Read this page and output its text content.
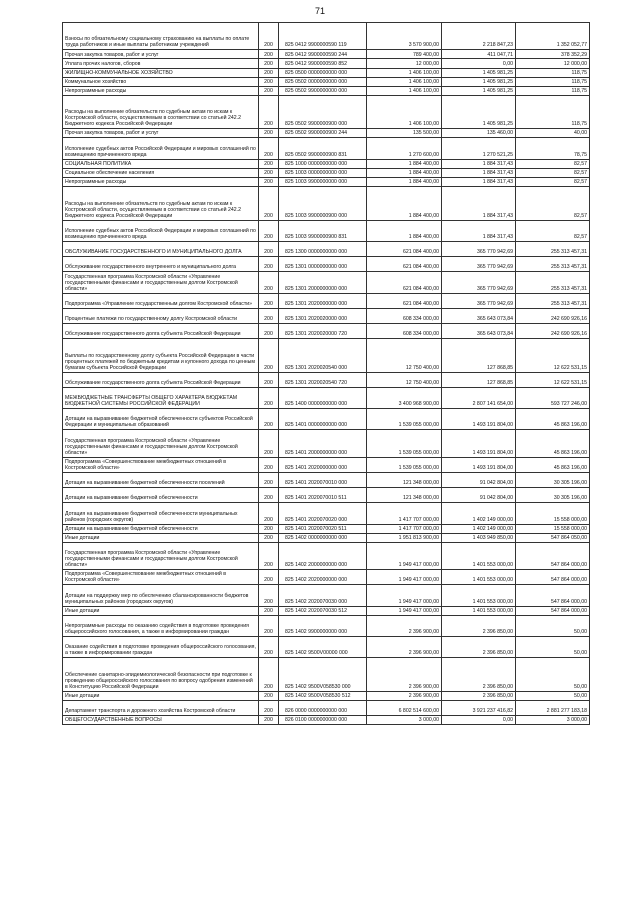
71
Взносы по обязательному социальному страхованию на выплаты по оплате труда работников и иные выплаты работникам учреждений	200	825 0412 9900000590 119	3 570 900,00	2 218 847,23	1 352 052,77
Прочая закупка товаров, работ и услуг	200	825 0412 9900000590 244	789 400,00	411 047,71	378 352,29
Уплата прочих налогов, сборов	200	825 0412 9900000590 852	12 000,00	0,00	12 000,00
ЖИЛИЩНО-КОММУНАЛЬНОЕ ХОЗЯЙСТВО	200	825 0500 0000000000 000	1 406 100,00	1 405 981,25	118,75
Коммунальное хозяйство	200	825 0502 0000000000 000	1 406 100,00	1 405 981,25	118,75
Непрограммные расходы	200	825 0502 9900000000 000	1 406 100,00	1 405 981,25	118,75
Расходы на выполнение обязательств по судебным актам по искам к Костромской области, осуществляемым в соответствии со статьей 242.2 Бюджетного кодекса Российской Федерации	200	825 0502 9900000900 000	1 406 100,00	1 405 981,25	118,75
Прочая закупка товаров, работ и услуг	200	825 0502 9900000900 244	135 500,00	135 460,00	40,00
Исполнение судебных актов Российской Федерации и мировых соглашений по возмещению причиненного вреда	200	825 0502 9900000900 831	1 270 600,00	1 270 521,25	78,75
СОЦИАЛЬНАЯ ПОЛИТИКА	200	825 1000 0000000000 000	1 884 400,00	1 884 317,43	82,57
Социальное обеспечение населения	200	825 1003 0000000000 000	1 884 400,00	1 884 317,43	82,57
Непрограммные расходы	200	825 1003 9900000000 000	1 884 400,00	1 884 317,43	82,57
Расходы на выполнение обязательств по судебным актам по искам к Костромской области, осуществляемым в соответствии со статьей 242.2 Бюджетного кодекса Российской Федерации	200	825 1003 9900000900 000	1 884 400,00	1 884 317,43	82,57
Исполнение судебных актов Российской Федерации и мировых соглашений по возмещению причиненного вреда	200	825 1003 9900000900 831	1 884 400,00	1 884 317,43	82,57
ОБСЛУЖИВАНИЕ ГОСУДАРСТВЕННОГО И МУНИЦИПАЛЬНОГО ДОЛГА	200	825 1300 0000000000 000	621 084 400,00	365 770 942,69	255 313 457,31
Обслуживание государственного внутреннего и муниципального долга	200	825 1301 0000000000 000	621 084 400,00	365 770 942,69	255 313 457,31
Государственная программа Костромской области «Управление государственными финансами и государственным долгом Костромской области»	200	825 1301 2000000000 000	621 084 400,00	365 770 942,69	255 313 457,31
Подпрограмма «Управление государственным долгом Костромской области»	200	825 1301 2020000000 000	621 084 400,00	365 770 942,69	255 313 457,31
Процентные платежи по государственному долгу Костромской области	200	825 1301 2020020000 000	608 334 000,00	365 643 073,84	242 690 926,16
Обслуживание государственного долга субъекта Российской Федерации	200	825 1301 2020020000 720	608 334 000,00	365 643 073,84	242 690 926,16
Выплаты по государственному долгу субъекта Российской Федерации в части процентных платежей по бюджетным кредитам и купонного дохода по ценным бумагам субъекта Российской Федерации	200	825 1301 2020020540 000	12 750 400,00	127 868,85	12 622 531,15
Обслуживание государственного долга субъекта Российской Федерации	200	825 1301 2020020540 720	12 750 400,00	127 868,85	12 622 531,15
МЕЖБЮДЖЕТНЫЕ ТРАНСФЕРТЫ ОБЩЕГО ХАРАКТЕРА БЮДЖЕТАМ БЮДЖЕТНОЙ СИСТЕМЫ РОССИЙСКОЙ ФЕДЕРАЦИИ	200	825 1400 0000000000 000	3 400 968 900,00	2 807 141 654,00	593 727 246,00
Дотации на выравнивание бюджетной обеспеченности субъектов Российской Федерации и муниципальных образований	200	825 1401 0000000000 000	1 539 055 000,00	1 493 191 804,00	45 863 196,00
Государственная программа Костромской области «Управление государственными финансами и государственным долгом Костромской области»	200	825 1401 2000000000 000	1 539 055 000,00	1 493 191 804,00	45 863 196,00
Подпрограмма «Совершенствование межбюджетных отношений в Костромской области»	200	825 1401 2020000000 000	1 539 055 000,00	1 493 191 804,00	45 863 196,00
Дотация на выравнивание бюджетной обеспеченности поселений	200	825 1401 2020070010 000	121 348 000,00	91 042 804,00	30 305 196,00
Дотации на выравнивание бюджетной обеспеченности	200	825 1401 2020070010 511	121 348 000,00	91 042 804,00	30 305 196,00
Дотация на выравнивание бюджетной обеспеченности муниципальных районов (городских округов)	200	825 1401 2020070020 000	1 417 707 000,00	1 402 149 000,00	15 558 000,00
Дотации на выравнивание бюджетной обеспеченности	200	825 1401 2020070020 511	1 417 707 000,00	1 402 149 000,00	15 558 000,00
Иные дотации	200	825 1402 0000000000 000	1 951 813 900,00	1 403 949 850,00	547 864 050,00
Государственная программа Костромской области «Управление государственными финансами и государственным долгом Костромской области»	200	825 1402 2000000000 000	1 949 417 000,00	1 401 553 000,00	547 864 000,00
Подпрограмма «Совершенствование межбюджетных отношений в Костромской области»	200	825 1402 2020000000 000	1 949 417 000,00	1 401 553 000,00	547 864 000,00
Дотации на поддержку мер по обеспечению сбалансированности бюджетов муниципальных районов (городских округов)	200	825 1402 2020070030 000	1 949 417 000,00	1 401 553 000,00	547 864 000,00
Иные дотации	200	825 1402 2020070030 512	1 949 417 000,00	1 401 553 000,00	547 864 000,00
Непрограммные расходы по оказанию содействия в подготовке проведения общероссийского голосования, а также в информировании граждан	200	825 1402 9900000000 000	2 396 900,00	2 396 850,00	50,00
Оказание содействия в подготовке проведения общероссийского голосования, а также в информировании граждан	200	825 1402 9500V00000 000	2 396 900,00	2 396 850,00	50,00
Обеспечение санитарно-эпидемиологической безопасности при подготовке к проведению общероссийского голосования по вопросу одобрения изменений в Конституцию Российской Федерации	200	825 1402 9500V058530 000	2 396 900,00	2 396 850,00	50,00
Иные дотации	200	825 1402 9500V058530 512	2 396 900,00	2 396 850,00	50,00
Департамент транспорта и дорожного хозяйства Костромской области	200	826 0000 0000000000 000	6 802 514 600,00	3 921 237 416,82	2 881 277 183,18
ОБЩЕГОСУДАРСТВЕННЫЕ ВОПРОСЫ	200	826 0100 0000000000 000	3 000,00	0,00	3 000,00
